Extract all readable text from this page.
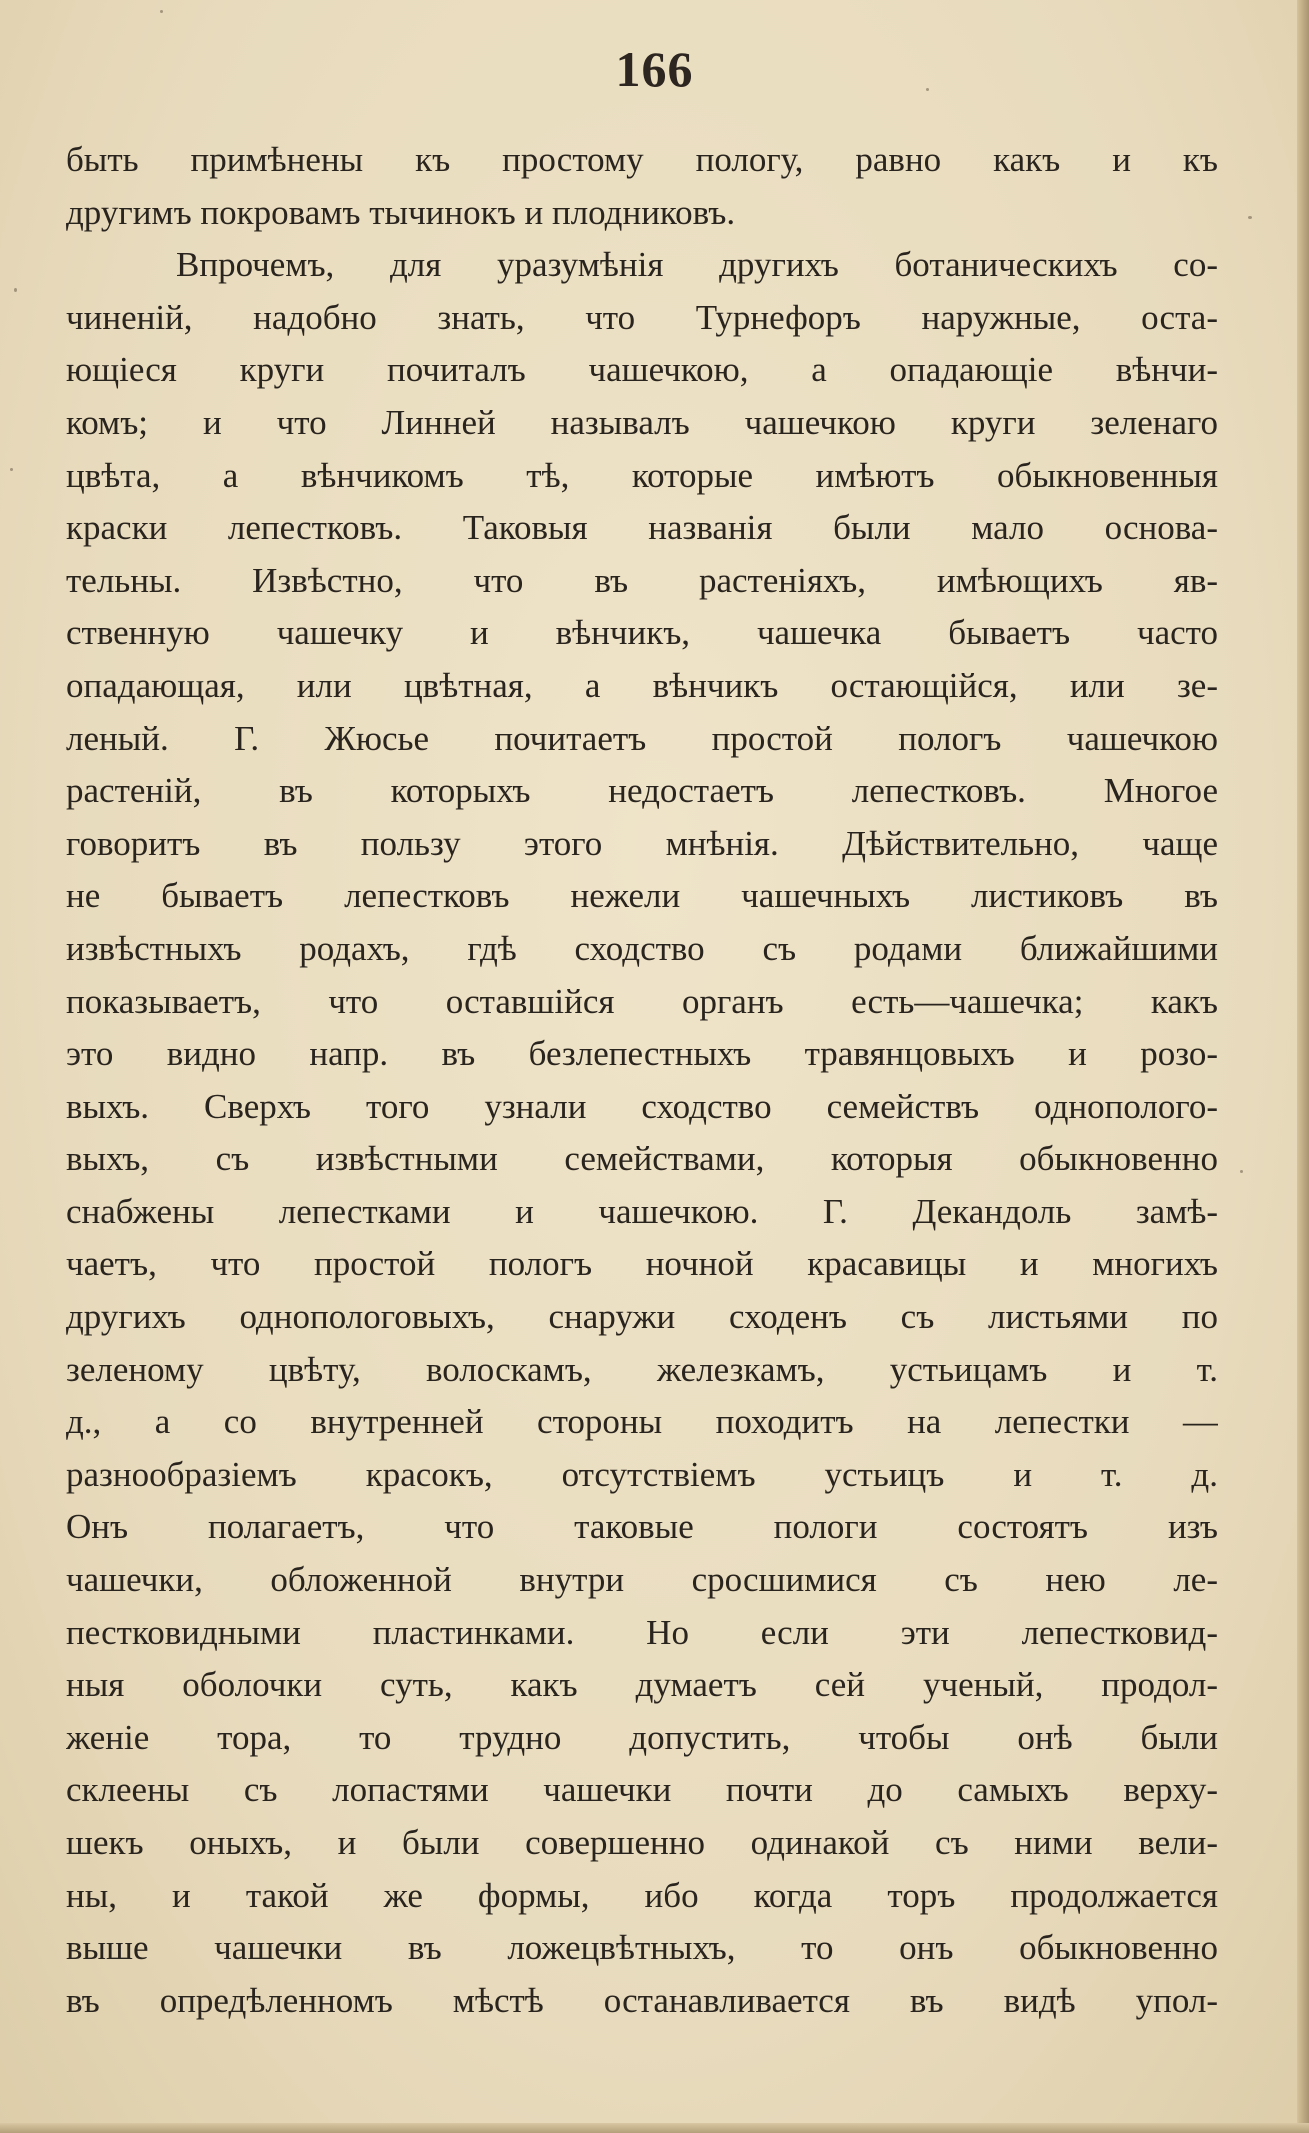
166
быть примѣнены къ простому пологу, равно какъ и къ
другимъ покровамъ тычинокъ и плодниковъ.
Впрочемъ, для уразумѣнія другихъ ботаническихъ со-
чиненій, надобно знать, что Турнефоръ наружные, оста-
ющіеся круги почиталъ чашечкою, а опадающіе вѣнчи-
комъ; и что Линней называлъ чашечкою круги зеленаго
цвѣта, а вѣнчикомъ тѣ, которые имѣютъ обыкновенныя
краски лепестковъ. Таковыя названія были мало основа-
тельны. Извѣстно, что въ растеніяхъ, имѣющихъ яв-
ственную чашечку и вѣнчикъ, чашечка бываетъ часто
опадающая, или цвѣтная, а вѣнчикъ остающійся, или зе-
леный. Г. Жюсье почитаетъ простой пологъ чашечкою
растеній, въ которыхъ недостаетъ лепестковъ. Многое
говоритъ въ пользу этого мнѣнія. Дѣйствительно, чаще
не бываетъ лепестковъ нежели чашечныхъ листиковъ въ
извѣстныхъ родахъ, гдѣ сходство съ родами ближайшими
показываетъ, что оставшійся органъ есть—чашечка; какъ
это видно напр. въ безлепестныхъ травянцовыхъ и розо-
выхъ. Сверхъ того узнали сходство семействъ однополого-
выхъ, съ извѣстными семействами, которыя обыкновенно
снабжены лепестками и чашечкою. Г. Декандоль замѣ-
чаетъ, что простой пологъ ночной красавицы и многихъ
другихъ однопологовыхъ, снаружи сходенъ съ листьями по
зеленому цвѣту, волоскамъ, железкамъ, устьицамъ и т.
д., а со внутренней стороны походитъ на лепестки —
разнообразіемъ красокъ, отсутствіемъ устьицъ и т. д.
Онъ полагаетъ, что таковые пологи состоятъ изъ
чашечки, обложенной внутри сросшимися съ нею ле-
пестковидными пластинками. Но если эти лепестковид-
ныя оболочки суть, какъ думаетъ сей ученый, продол-
женіе тора, то трудно допустить, чтобы онѣ были
склеены съ лопастями чашечки почти до самыхъ верху-
шекъ оныхъ, и были совершенно одинакой съ ними вели-
ны, и такой же формы, ибо когда торъ продолжается
выше чашечки въ ложецвѣтныхъ, то онъ обыкновенно
въ опредѣленномъ мѣстѣ останавливается въ видѣ упол-
